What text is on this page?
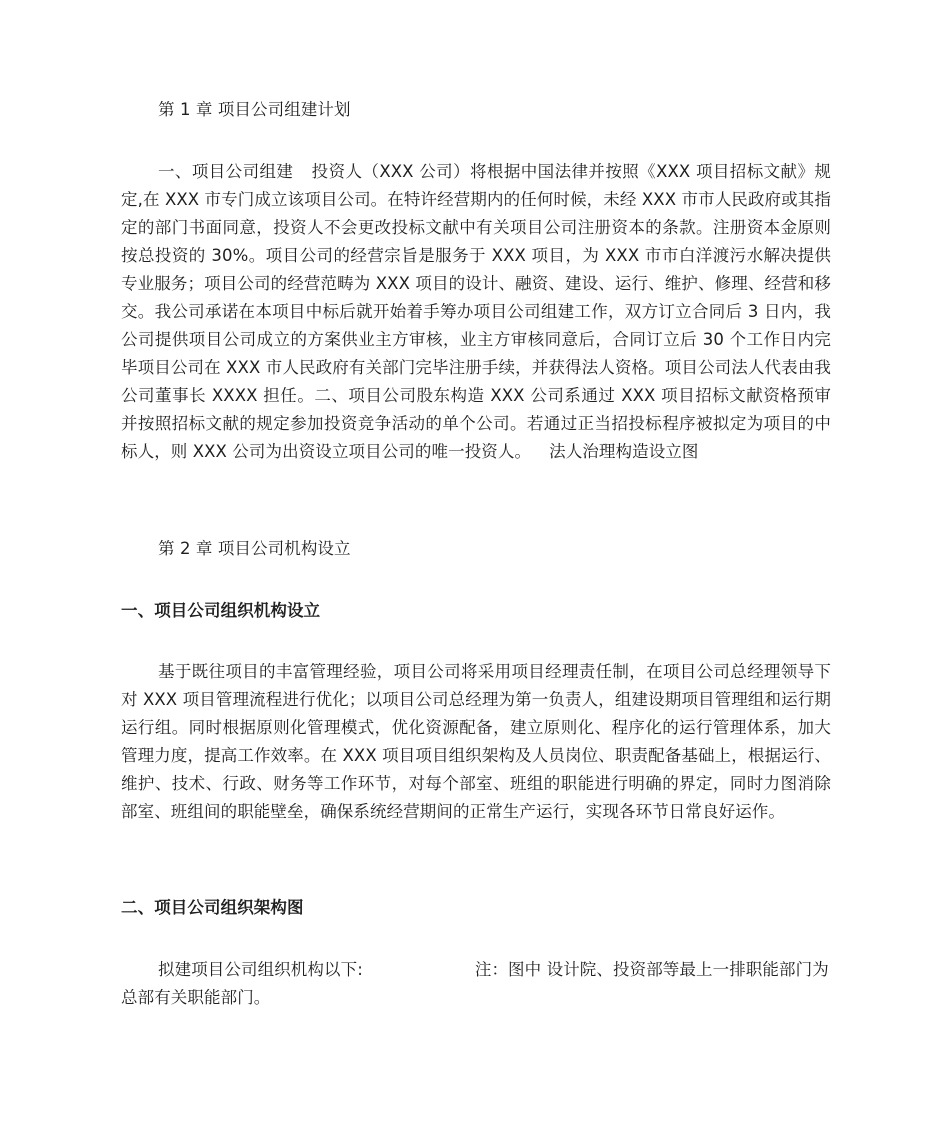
第 1 章 项目公司组建计划
一、项目公司组建 投资人（XXX 公司）将根据中国法律并按照《XXX 项目招标文献》规定,在 XXX 市专门成立该项目公司。在特许经营期内的任何时候，未经 XXX 市市人民政府或其指定的部门书面同意，投资人不会更改投标文献中有关项目公司注册资本的条款。注册资本金原则按总投资的 30%。项目公司的经营宗旨是服务于 XXX 项目，为 XXX 市市白洋渡污水解决提供专业服务；项目公司的经营范畴为 XXX 项目的设计、融资、建设、运行、维护、修理、经营和移交。我公司承诺在本项目中标后就开始着手筹办项目公司组建工作，双方订立合同后 3 日内，我公司提供项目公司成立的方案供业主方审核，业主方审核同意后，合同订立后 30 个工作日内完毕项目公司在 XXX 市人民政府有关部门完毕注册手续，并获得法人资格。项目公司法人代表由我公司董事长 XXXX 担任。二、项目公司股东构造 XXX 公司系通过 XXX 项目招标文献资格预审并按照招标文献的规定参加投资竞争活动的单个公司。若通过正当招投标程序被拟定为项目的中标人，则 XXX 公司为出资设立项目公司的唯一投资人。 法人治理构造设立图
第 2 章 项目公司机构设立
一、项目公司组织机构设立
基于既往项目的丰富管理经验，项目公司将采用项目经理责任制，在项目公司总经理领导下对 XXX 项目管理流程进行优化；以项目公司总经理为第一负责人，组建设期项目管理组和运行期运行组。同时根据原则化管理模式，优化资源配备，建立原则化、程序化的运行管理体系，加大管理力度，提高工作效率。在 XXX 项目项目组织架构及人员岗位、职责配备基础上，根据运行、维护、技术、行政、财务等工作环节，对每个部室、班组的职能进行明确的界定，同时力图消除部室、班组间的职能壁垒，确保系统经营期间的正常生产运行，实现各环节日常良好运作。
二、项目公司组织架构图
拟建项目公司组织机构以下:	注：图中 设计院、投资部等最上一排职能部门为总部有关职能部门。
